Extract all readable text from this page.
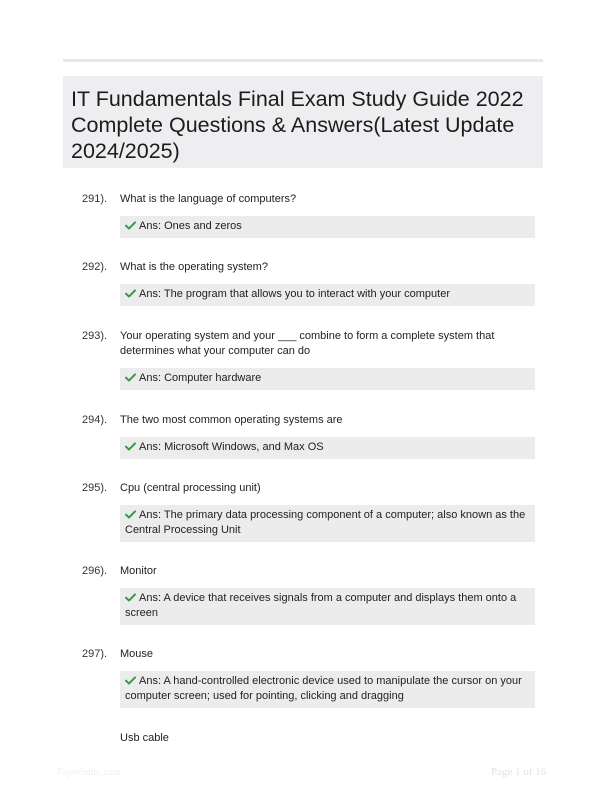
IT Fundamentals Final Exam Study Guide 2022 Complete Questions & Answers(Latest Update 2024/2025)
291).	What is the language of computers?
Ans: Ones and zeros
292).	What is the operating system?
Ans: The program that allows you to interact with your computer
293).	Your operating system and your ___ combine to form a complete system that determines what your computer can do
Ans: Computer hardware
294).	The two most common operating systems are
Ans: Microsoft Windows, and Max OS
295).	Cpu (central processing unit)
Ans: The primary data processing component of a computer; also known as the Central Processing Unit
296).	Monitor
Ans: A device that receives signals from a computer and displays them onto a screen
297).	Mouse
Ans: A hand-controlled electronic device used to manipulate the cursor on your computer screen; used for pointing, clicking and dragging
Usb cable
PaperStitic.com	Page 1 of 16
